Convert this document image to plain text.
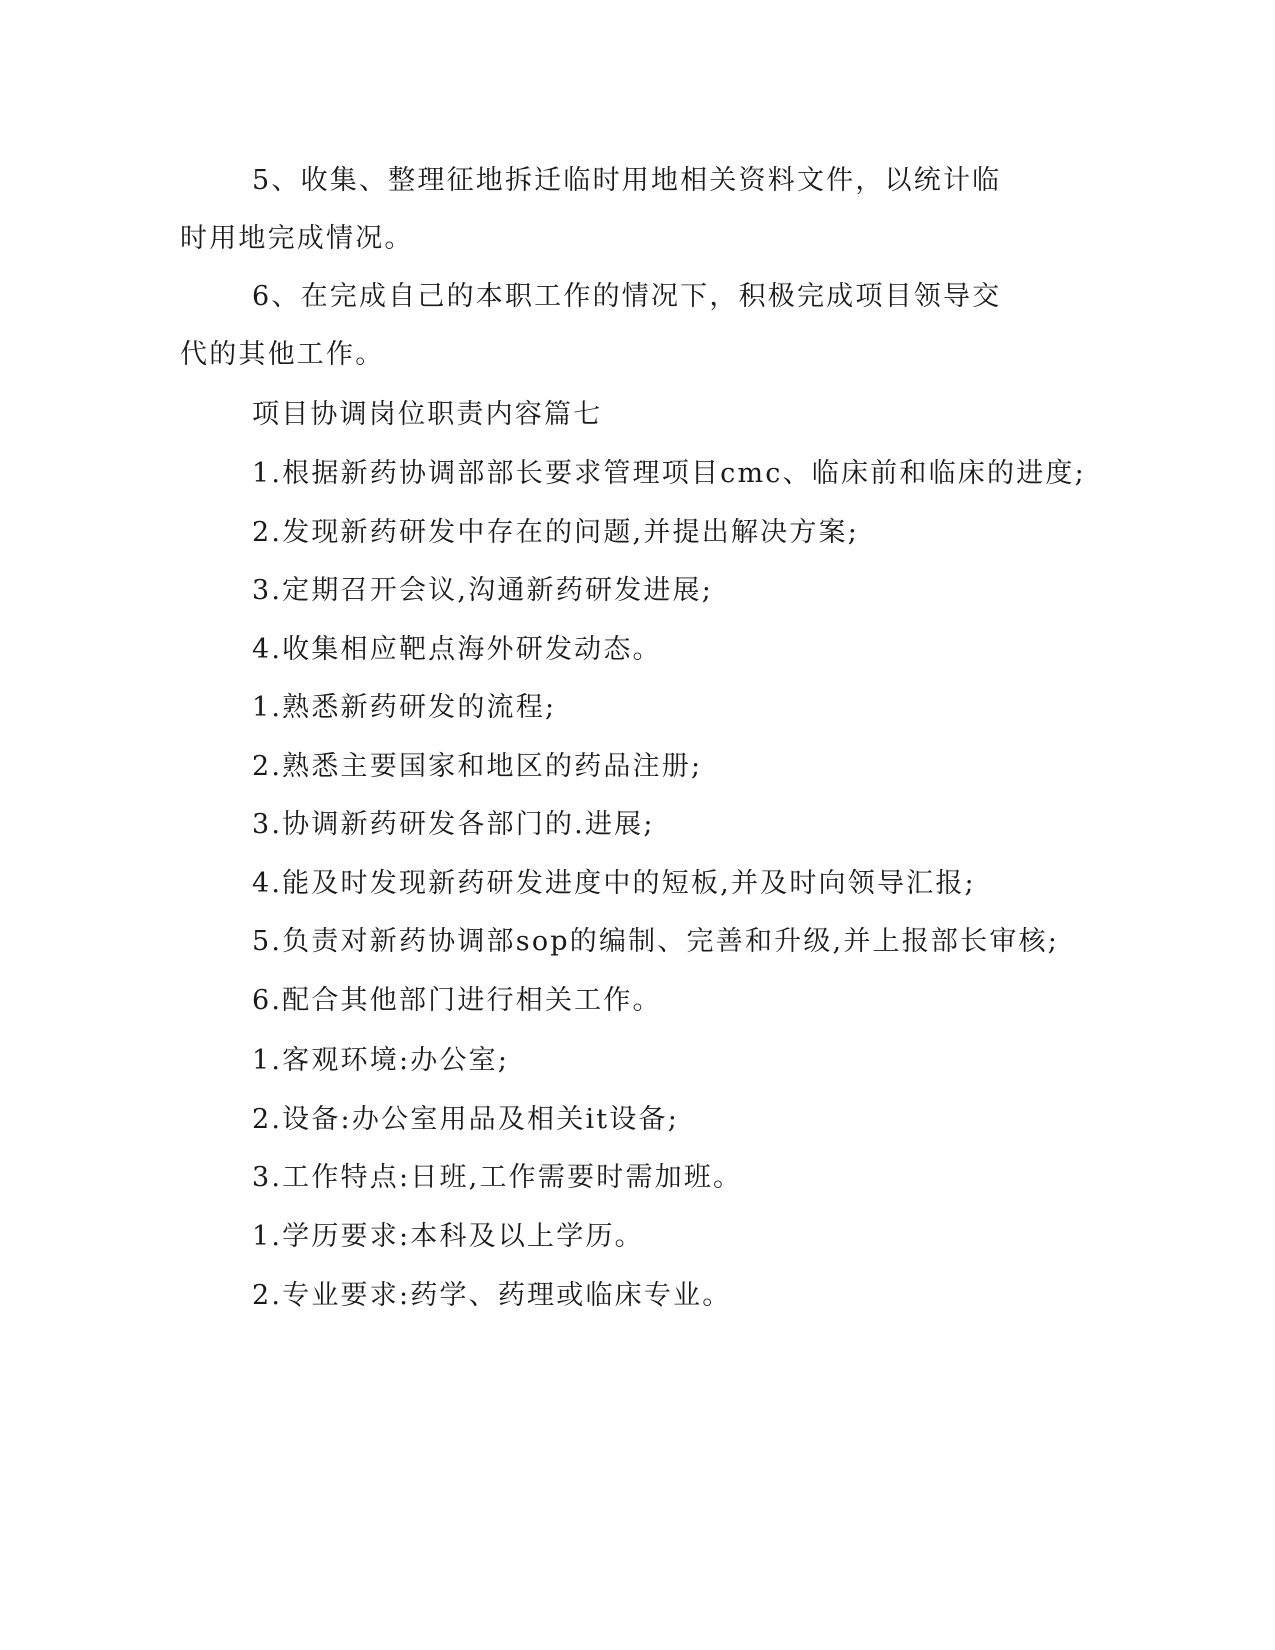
5、收集、整理征地拆迁临时用地相关资料文件，以统计临时用地完成情况。

6、在完成自己的本职工作的情况下，积极完成项目领导交代的其他工作。

项目协调岗位职责内容篇七

1.根据新药协调部部长要求管理项目cmc、临床前和临床的进度;

2.发现新药研发中存在的问题,并提出解决方案;

3.定期召开会议,沟通新药研发进展;

4.收集相应靶点海外研发动态。

1.熟悉新药研发的流程;

2.熟悉主要国家和地区的药品注册;

3.协调新药研发各部门的.进展;

4.能及时发现新药研发进度中的短板,并及时向领导汇报;

5.负责对新药协调部sop的编制、完善和升级,并上报部长审核;

6.配合其他部门进行相关工作。

1.客观环境:办公室;

2.设备:办公室用品及相关it设备;

3.工作特点:日班,工作需要时需加班。

1.学历要求:本科及以上学历。

2.专业要求:药学、药理或临床专业。
